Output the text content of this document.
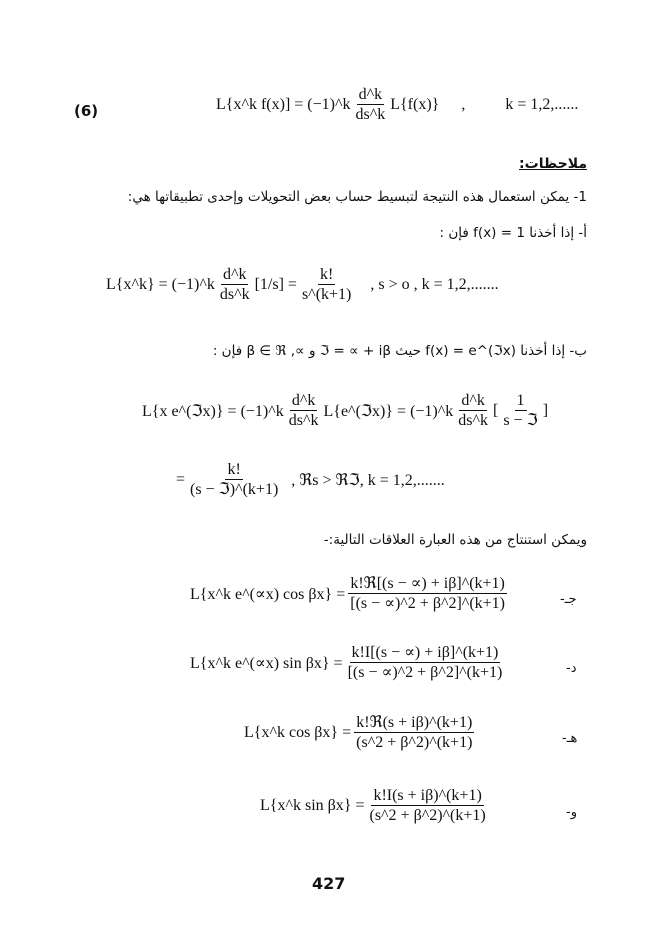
(6)	L{x^k f(x)] = (−1)^k $\frac{d\^{}k}{ds\^{}k} L\{f(x)\}$ ,	k = 1,2,......
ملاحظات:
1- يمكن استعمال هذه النتيجة لتبسيط حساب بعض التحويلات وإحدى تطبيقاتها هي:
أ- إذا أخذنا f(x) = 1 فإن :
L{x^k} = (−1)^k $\frac{d\^{}k}{ds\^{}k} [1/s] = \frac{k!}{s\^{}(k+1)}$ , s > o , k = 1,2,.......
ب- إذا أخذنا f(x) = e^(ℑx) حيث ℑ = ∝ + iβ و ∝, β ∈ ℜ فإن :
L{x e^(ℑx)} = (−1)^k $\frac{d\^{}k}{ds\^{}k}$ L{e^(ℑx)} = (−1)^k $\frac{d\^{}k}{ds\^{}k}$ [ $\frac{1}{\text{s − ℑ}}$ ]
= $\frac{k!}{\text{(s − ℑ)\textasciicircum{}(k+1)}}$ , ℜs > ℜℑ, k = 1,2,.......
ويمكن استنتاج من هذه العبارة العلاقات التالية:-
L{x^k e^(∝x) $\cos \beta x\} = \frac{\text{k!ℜ[(s − ∝) + iβ]\textasciicircum{}(k+1)}}{[(s - \propto)\^{}2 + \beta\^{}2]\^{}(k+1)}$	جـ-
L{x^k e^(∝x) $\sin \beta x\} = \frac{k!I[(s - \propto) + i\beta]\^{}(k+1)}{[(s - \propto)\^{}2 + \beta\^{}2]\^{}(k+1)}$	د-
L{x^k $\cos \beta x\} = \frac{\text{k!ℜ(s + iβ)\textasciicircum{}(k+1)}}{(s\^{}2 + \beta\^{}2)\^{}(k+1)}$	هـ-
L{x^k $\sin \beta x\} = \frac{k!I(s + i\beta)\^{}(k+1)}{(s\^{}2 + \beta\^{}2)\^{}(k+1)}$	و-
427
